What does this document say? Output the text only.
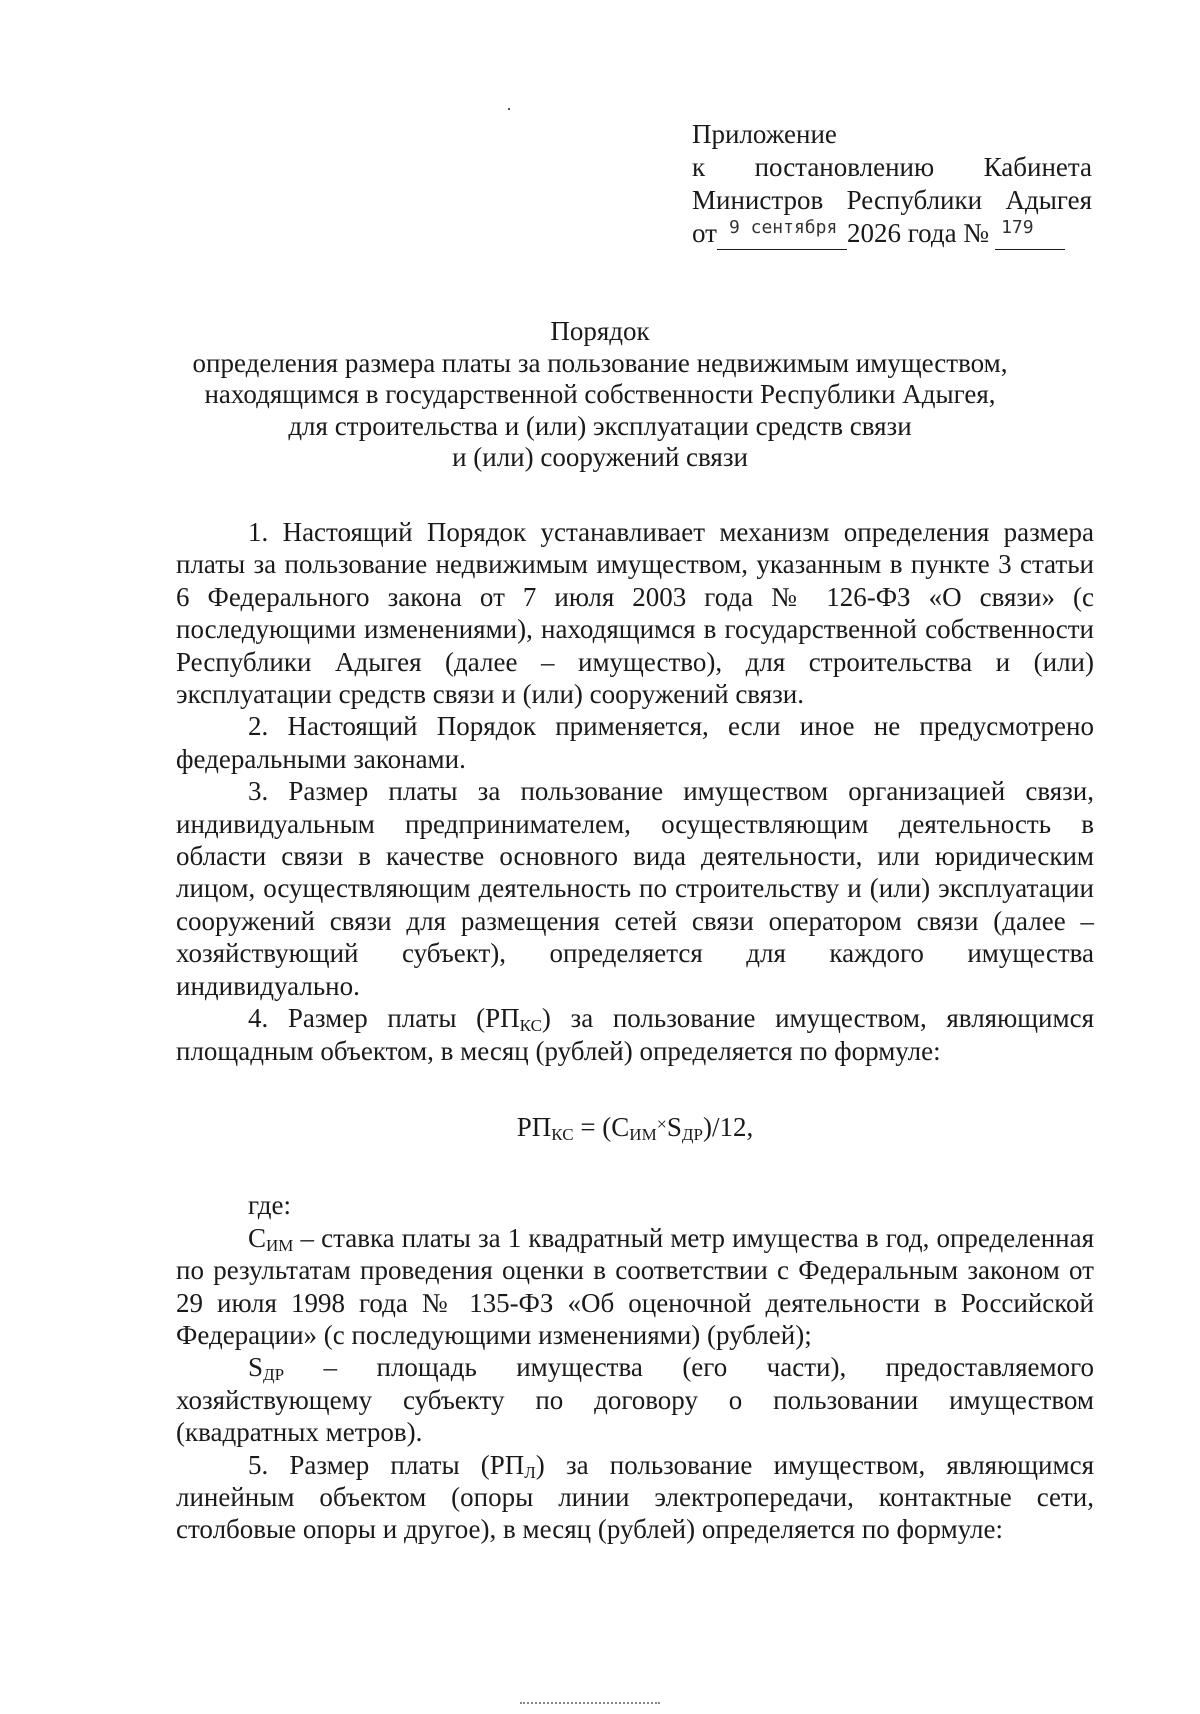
Приложение
к постановлению Кабинета
Министров Республики Адыгея
от 9 сентября 2026 года № 179
Порядок
определения размера платы за пользование недвижимым имуществом,
находящимся в государственной собственности Республики Адыгея,
для строительства и (или) эксплуатации средств связи
и (или) сооружений связи

1. Настоящий Порядок устанавливает механизм определения размера платы за пользование недвижимым имуществом, указанным в пункте 3 статьи 6 Федерального закона от 7 июля 2003 года № 126-ФЗ «О связи» (с последующими изменениями), находящимся в государственной собственности Республики Адыгея (далее – имущество), для строительства и (или) эксплуатации средств связи и (или) сооружений связи.

2. Настоящий Порядок применяется, если иное не предусмотрено федеральными законами.

3. Размер платы за пользование имуществом организацией связи, индивидуальным предпринимателем, осуществляющим деятельность в области связи в качестве основного вида деятельности, или юридическим лицом, осуществляющим деятельность по строительству и (или) эксплуатации сооружений связи для размещения сетей связи оператором связи (далее – хозяйствующий субъект), определяется для каждого имущества индивидуально.

4. Размер платы $(РП_{КС})$ за пользование имуществом, являющимся площадным объектом, в месяц (рублей) определяется по формуле:

$РП_{КС} = (С_{ИМ}^\times S_{ДР})/12$,

где:

$С_{ИМ}$ – ставка платы за 1 квадратный метр имущества в год, определенная по результатам проведения оценки в соответствии с Федеральным законом от 29 июля 1998 года № 135-ФЗ «Об оценочной деятельности в Российской Федерации» (с последующими изменениями) (рублей);

$S_{ДР}$ – площадь имущества (его части), предоставляемого хозяйствующему субъекту по договору о пользовании имуществом (квадратных метров).

5. Размер платы $(РП_Л)$ за пользование имуществом, являющимся линейным объектом (опоры линии электропередачи, контактные сети, столбовые опоры и другое), в месяц (рублей) определяется по формуле:
